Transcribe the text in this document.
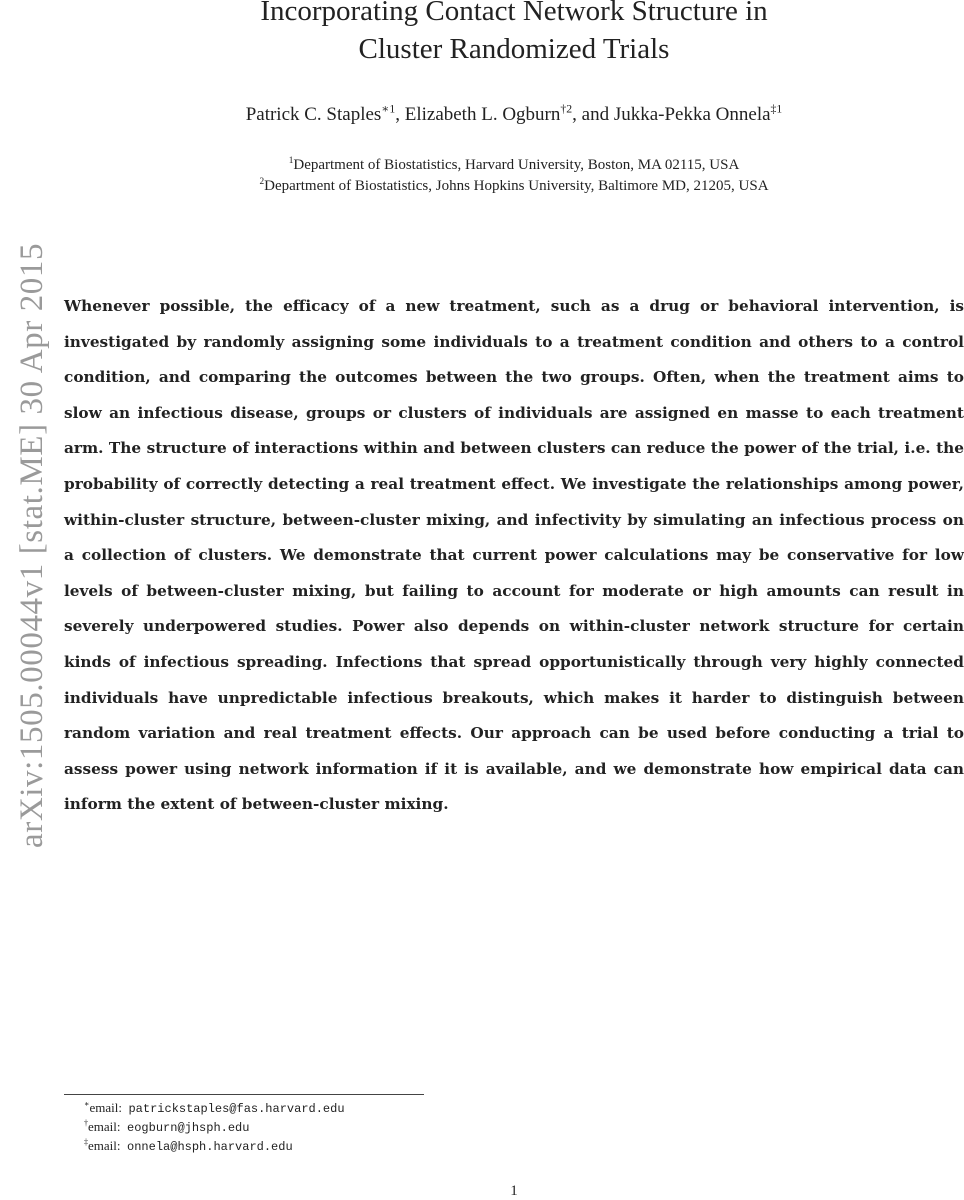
arXiv:1505.00044v1 [stat.ME] 30 Apr 2015
Incorporating Contact Network Structure in
Cluster Randomized Trials
Patrick C. Staples$^{∗1}$, Elizabeth L. Ogburn$^{\dagger 2}$, and Jukka-Pekka Onnela$^{\ddagger 1}$
$^1$Department of Biostatistics, Harvard University, Boston, MA 02115, USA
$^2$Department of Biostatistics, Johns Hopkins University, Baltimore MD, 21205, USA

Whenever possible, the efficacy of a new treatment, such as a drug or behavioral intervention, is investigated by randomly assigning some individuals to a treatment condition and others to a control condition, and comparing the outcomes between the two groups. Often, when the treatment aims to slow an infectious disease, groups or clusters of individuals are assigned en masse to each treatment arm. The structure of interactions within and between clusters can reduce the power of the trial, i.e. the probability of correctly detecting a real treatment effect. We investigate the relationships among power, within-cluster structure, between-cluster mixing, and infectivity by simulating an infectious process on a collection of clusters. We demonstrate that current power calculations may be conservative for low levels of between-cluster mixing, but failing to account for moderate or high amounts can result in severely underpowered studies. Power also depends on within-cluster network structure for certain kinds of infectious spreading. Infections that spread opportunistically through very highly connected individuals have unpredictable infectious breakouts, which makes it harder to distinguish between random variation and real treatment effects. Our approach can be used before conducting a trial to assess power using network information if it is available, and we demonstrate how empirical data can inform the extent of between-cluster mixing.

∗email: patrickstaples@fas.harvard.edu
†email: eogburn@jhsph.edu
‡email: onnela@hsph.harvard.edu
1
